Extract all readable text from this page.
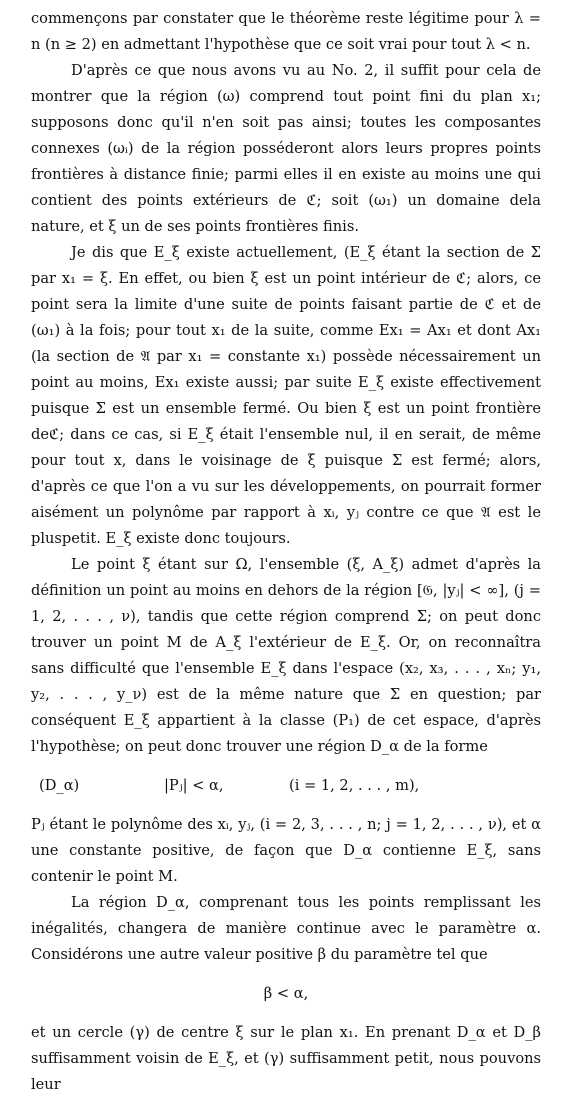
commençons par constater que le théorème reste légitime pour λ = n (n ≥ 2) en admettant l'hypothèse que ce soit vrai pour tout λ < n.

D'après ce que nous avons vu au No. 2, il suffit pour cela de montrer que la région (ω) comprend tout point fini du plan x₁; supposons donc qu'il n'en soit pas ainsi; toutes les composantes connexes (ωᵢ) de la région posséderont alors leurs propres points frontières à distance finie; parmi elles il en existe au moins une qui contient des points extérieurs de ℭ; soit (ω₁) un domaine dela nature, et ξ un de ses points frontières finis.

Je dis que E_ξ existe actuellement, (E_ξ étant la section de Σ par x₁ = ξ. En effet, ou bien ξ est un point intérieur de ℭ; alors, ce point sera la limite d'une suite de points faisant partie de ℭ et de (ω₁) à la fois; pour tout x₁ de la suite, comme Ex₁ = Ax₁ et dont Ax₁ (la section de 𝔄 par x₁ = constante x₁) possède nécessairement un point au moins, Ex₁ existe aussi; par suite E_ξ existe effectivement puisque Σ est un ensemble fermé. Ou bien ξ est un point frontière deℭ; dans ce cas, si E_ξ était l'ensemble nul, il en serait, de même pour tout x, dans le voisinage de ξ puisque Σ est fermé; alors, d'après ce que l'on a vu sur les développements, on pourrait former aisément un polynôme par rapport à xᵢ, yⱼ contre ce que 𝔄 est le pluspetit. E_ξ existe donc toujours.

Le point ξ étant sur Ω, l'ensemble (ξ, A_ξ) admet d'après la définition un point au moins en dehors de la région [𝔊, |yⱼ| < ∞], (j = 1, 2, . . . , ν), tandis que cette région comprend Σ; on peut donc trouver un point M de A_ξ l'extérieur de E_ξ. Or, on reconnaîtra sans difficulté que l'ensemble E_ξ dans l'espace (x₂, x₃, . . . , xₙ; y₁, y₂, . . . , y_ν) est de la même nature que Σ en question; par conséquent E_ξ appartient à la classe (P₁) de cet espace, d'après l'hypothèse; on peut donc trouver une région D_α de la forme

(D_α)	|Pⱼ| < α,	(i = 1, 2, . . . , m),

Pⱼ étant le polynôme des xᵢ, yⱼ, (i = 2, 3, . . . , n; j = 1, 2, . . . , ν), et α une constante positive, de façon que D_α contienne E_ξ, sans contenir le point M.

La région D_α, comprenant tous les points remplissant les inégalités, changera de manière continue avec le paramètre α. Considérons une autre valeur positive β du paramètre tel que

β < α,

et un cercle (γ) de centre ξ sur le plan x₁. En prenant D_α et D_β suffisamment voisin de E_ξ, et (γ) suffisamment petit, nous pouvons leur
